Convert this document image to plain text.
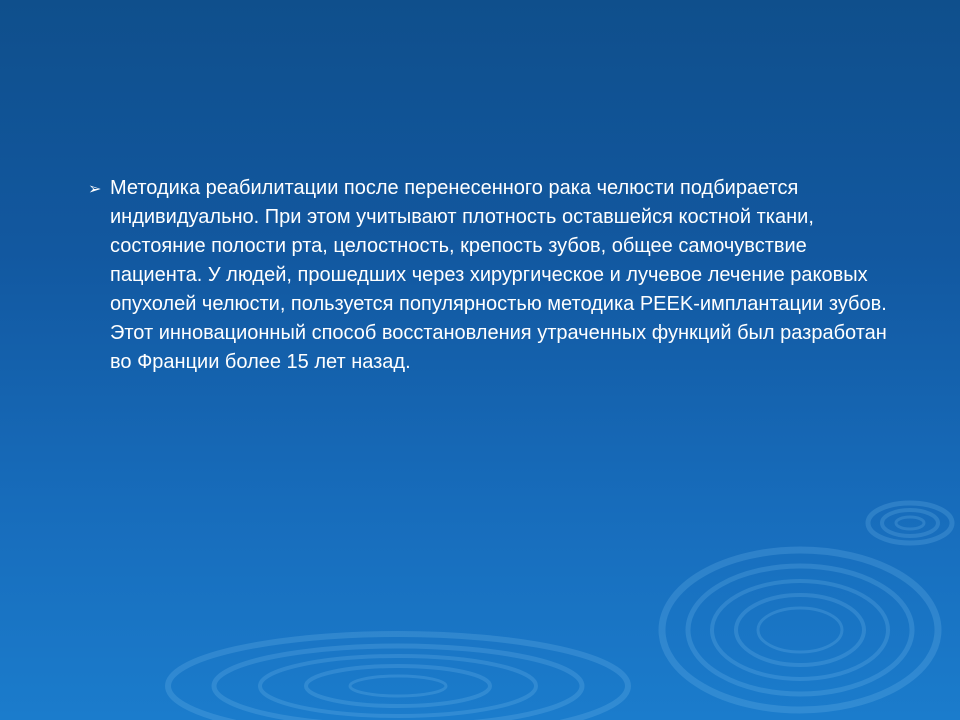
➢ Методика реабилитации после перенесенного рака челюсти подбирается индивидуально. При этом учитывают плотность оставшейся костной ткани, состояние полости рта, целостность, крепость зубов, общее самочувствие пациента. У людей, прошедших через хирургическое и лучевое лечение раковых опухолей челюсти, пользуется популярностью методика PEEK-имплантации зубов. Этот инновационный способ восстановления утраченных функций был разработан во Франции более 15 лет назад.
